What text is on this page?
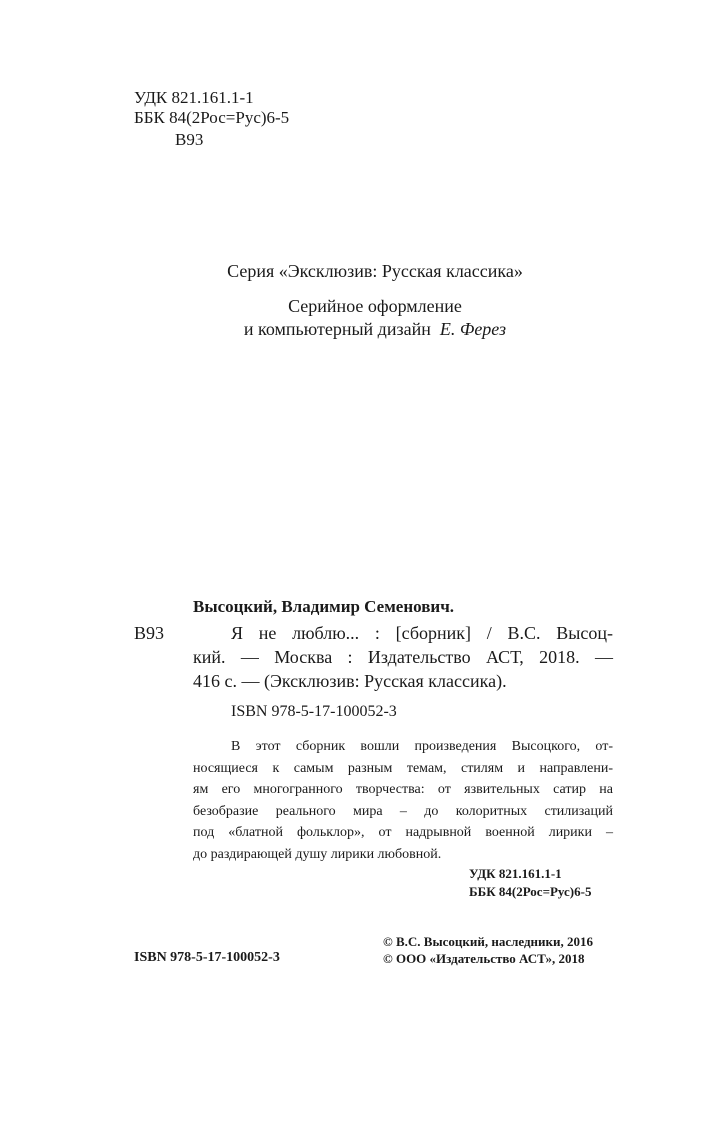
УДК 821.161.1-1
ББК 84(2Рос=Рус)6-5
В93
Серия «Эксклюзив: Русская классика»
Серийное оформление
и компьютерный дизайн Е. Ферез
Высоцкий, Владимир Семенович.
В93	Я не люблю... : [сборник] / В.С. Высоц-
кий. — Москва : Издательство АСТ, 2018. —
416 с. — (Эксклюзив: Русская классика).
ISBN 978-5-17-100052-3
В этот сборник вошли произведения Высоцкого, от-
носящиеся к самым разным темам, стилям и направлени-
ям его многогранного творчества: от язвительных сатир на
безобразие реального мира – до колоритных стилизаций
под «блатной фольклор», от надрывной военной лирики –
до раздирающей душу лирики любовной.
УДК 821.161.1-1
ББК 84(2Рос=Рус)6-5
ISBN 978-5-17-100052-3
© В.С. Высоцкий, наследники, 2016
© ООО «Издательство АСТ», 2018
